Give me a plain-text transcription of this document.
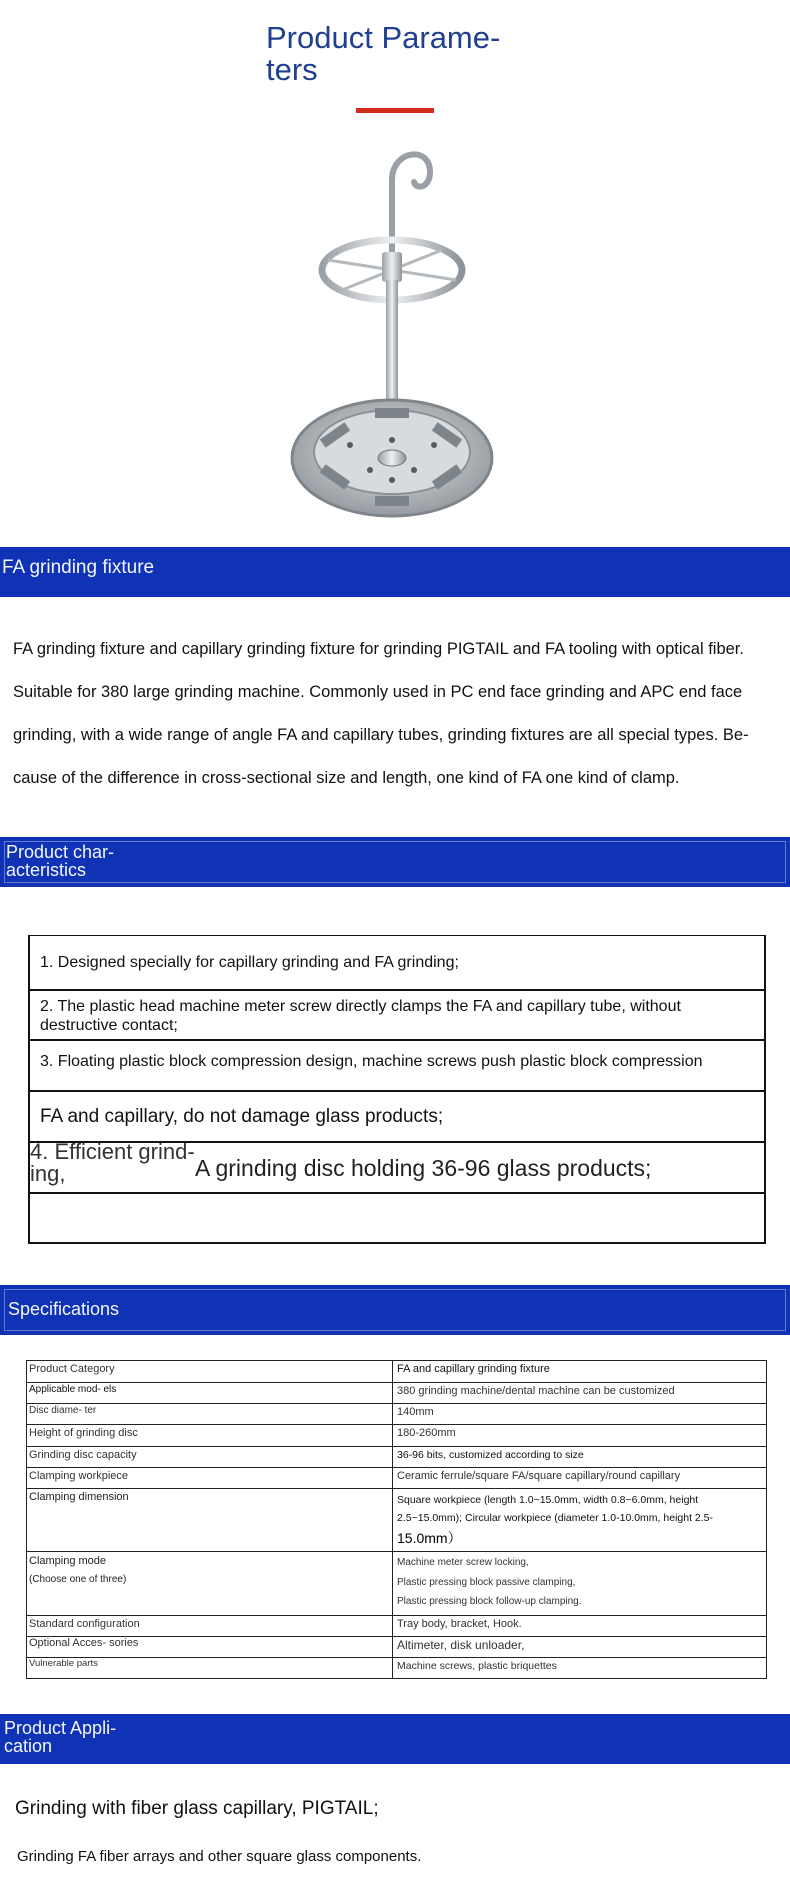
Product Parame-
ters
FA grinding fixture

FA grinding fixture and capillary grinding fixture for grinding PIGTAIL and FA tooling with optical fiber. Suitable for 380 large grinding machine. Commonly used in PC end face grinding and APC end face grinding, with a wide range of angle FA and capillary tubes, grinding fixtures are all special types. Be- cause of the difference in cross-sectional size and length, one kind of FA one kind of clamp.

Product char-
acteristics
1. Designed specially for capillary grinding and FA grinding;
2. The plastic head machine meter screw directly clamps the FA and capillary tube, without destructive contact;
3. Floating plastic block compression design, machine screws push plastic block compression
FA and capillary, do not damage glass products;
4. Efficient grind-
ing,	A grinding disc holding 36-96 glass products;
Specifications
Product Category	FA and capillary grinding fixture
Applicable mod- els	380 grinding machine/dental machine can be customized
Disc diame- ter	140mm
Height of grinding disc	180-260mm
Grinding disc capacity	36-96 bits, customized according to size
Clamping workpiece	Ceramic ferrule/square FA/square capillary/round capillary
Clamping dimension	Square workpiece (length 1.0~15.0mm, width 0.8~6.0mm, height
2.5~15.0mm); Circular workpiece (diameter 1.0-10.0mm, height 2.5-
15.0mm）

Clamping mode
(Choose one of three)	Machine meter screw locking,
Plastic pressing block passive clamping,
Plastic pressing block follow-up clamping.

Standard configuration	Tray body, bracket, Hook.
Optional Acces- sories	Altimeter, disk unloader,
Vulnerable parts	Machine screws, plastic briquettes
Product Appli-
cation
Grinding with fiber glass capillary, PIGTAIL;
Grinding FA fiber arrays and other square glass components.
